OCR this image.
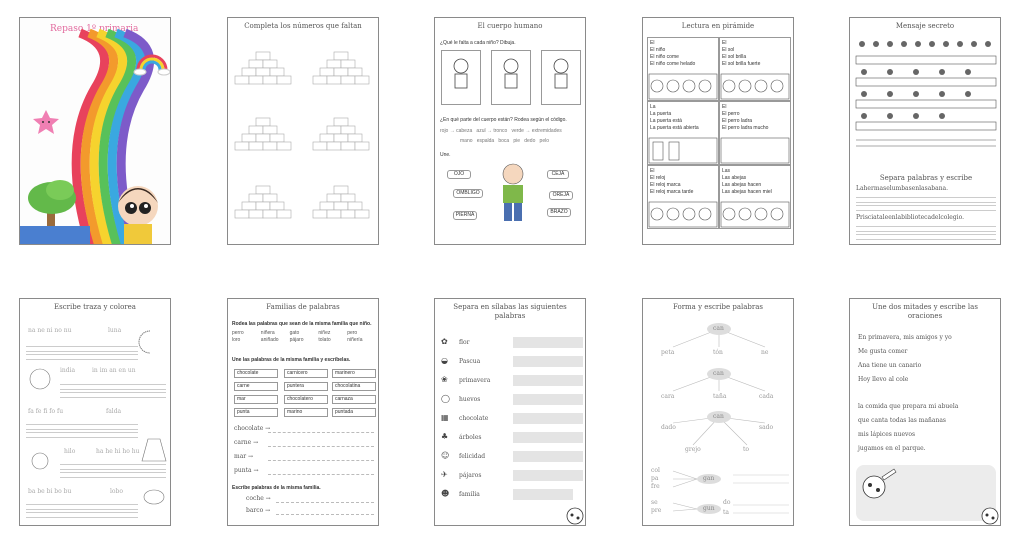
Repaso 1º primaria	Completa los números que faltan	El cuerpo humano
¿Qué le falta a cada niño? Dibuja.
¿En qué parte del cuerpo están? Rodea según el código.
rojo → cabeza azul → tronco verde → extremidades
mano espalda boca pie dedo pelo
Une.
OJO
OMBLIGO
PIERNA
CEJA
OREJA
BRAZO
Lectura en pirámide
El
El niño
El niño come
El niño come helado
El
El sol
El sol brilla
El sol brilla fuerte
La
La puerta
La puerta está
La puerta está abierta
El
El perro
El perro ladra
El perro ladra mucho
El
El reloj
El reloj marca
El reloj marca tarde
Las
Las abejas
Las abejas hacen
Las abejas hacen miel
Mensaje secreto
Separa palabras y escribe
Lahermaselumbasenlasabana.
Prisciataleenlabibliotecadelcolegio.
Escribe traza y colorea
na ne ni no nu	luna
india	in im an en un
fa fe fi fo fu	falda
hilo	ha he hi ho hu
ba be bi bo bu	lobo
Familias de palabras
Rodea las palabras que sean de la misma familia que niño.
perro	niñera	gato	niñez	pero
loro	aniñado	pájaro	tolato	niñería
Une las palabras de la misma familia y escríbelas.
chocolate
carne
mar
punta
carnicero
puntera
chocolatero
marino
marinero
chocolatina
carnaza
puntada
chocolate →
carne →
mar →
punta →
Escribe palabras de la misma familia.
coche →
barco →
Separa en sílabas las siguientes palabras
✿ flor
◒ Pascua
❀ primavera
◯ huevos
▦ chocolate
♣ árboles
☺ felicidad
✈ pájaros
☻ familia
Forma y escribe palabras
can
peta	tón	ne
can
cara	taña	cada
can
dado	sado
grejo	to
col
pa
fre
gan
se
pre
do
ta
gun
Une dos mitades y escribe las oraciones
En primavera, mis amigos y yo
Me gusta comer
Ana tiene un canario
Hoy llevo al cole
la comida que prepara mi abuela
que canta todas las mañanas
mis lápices nuevos
jugamos en el parque.
